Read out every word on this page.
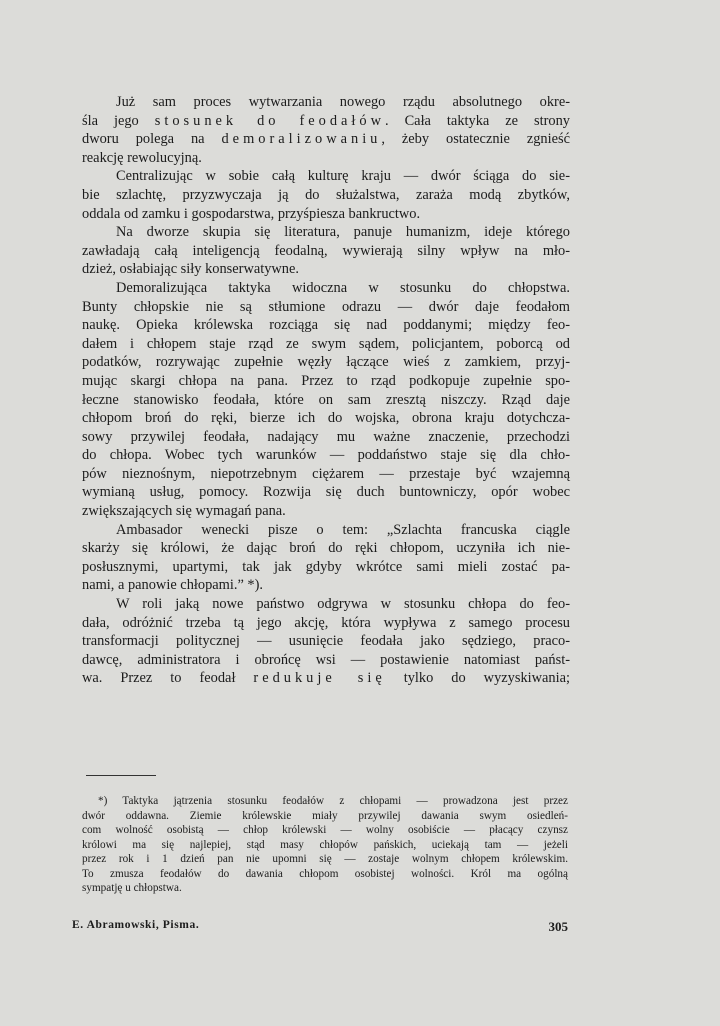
Już sam proces wytwarzania nowego rządu absolutnego okre-
śla jego stosunek do feodałów. Cała taktyka ze strony
dworu polega na demoralizowaniu, żeby ostatecznie zgnieść
reakcję rewolucyjną.
Centralizując w sobie całą kulturę kraju — dwór ściąga do sie-
bie szlachtę, przyzwyczaja ją do służalstwa, zaraża modą zbytków,
oddala od zamku i gospodarstwa, przyśpiesza bankructwo.
Na dworze skupia się literatura, panuje humanizm, ideje którego
zawładają całą inteligencją feodalną, wywierają silny wpływ na mło-
dzież, osłabiając siły konserwatywne.
Demoralizująca taktyka widoczna w stosunku do chłopstwa.
Bunty chłopskie nie są stłumione odrazu — dwór daje feodałom
naukę. Opieka królewska rozciąga się nad poddanymi; między feo-
dałem i chłopem staje rząd ze swym sądem, policjantem, poborcą od
podatków, rozrywając zupełnie węzły łączące wieś z zamkiem, przyj-
mując skargi chłopa na pana. Przez to rząd podkopuje zupełnie spo-
łeczne stanowisko feodała, które on sam zresztą niszczy. Rząd daje
chłopom broń do ręki, bierze ich do wojska, obrona kraju dotychcza-
sowy przywilej feodała, nadający mu ważne znaczenie, przechodzi
do chłopa. Wobec tych warunków — poddaństwo staje się dla chło-
pów nieznośnym, niepotrzebnym ciężarem — przestaje być wzajemną
wymianą usług, pomocy. Rozwija się duch buntowniczy, opór wobec
zwiększających się wymagań pana.
Ambasador wenecki pisze o tem: „Szlachta francuska ciągle
skarży się królowi, że dając broń do ręki chłopom, uczyniła ich nie-
posłusznymi, upartymi, tak jak gdyby wkrótce sami mieli zostać pa-
nami, a panowie chłopami.” *).
W roli jaką nowe państwo odgrywa w stosunku chłopa do feo-
dała, odróżnić trzeba tą jego akcję, która wypływa z samego procesu
transformacji politycznej — usunięcie feodała jako sędziego, praco-
dawcę, administratora i obrońcę wsi — postawienie natomiast państ-
wa. Przez to feodał redukuje się tylko do wyzyskiwania;
*) Taktyka jątrzenia stosunku feodałów z chłopami — prowadzona jest przez
dwór oddawna. Ziemie królewskie miały przywilej dawania swym osiedleń-
com wolność osobistą — chłop królewski — wolny osobiście — płacący czynsz
królowi ma się najlepiej, stąd masy chłopów pańskich, uciekają tam — jeżeli
przez rok i 1 dzień pan nie upomni się — zostaje wolnym chłopem królewskim.
To zmusza feodałów do dawania chłopom osobistej wolności. Król ma ogólną
sympatję u chłopstwa.
E. Abramowski, Pisma.	305
